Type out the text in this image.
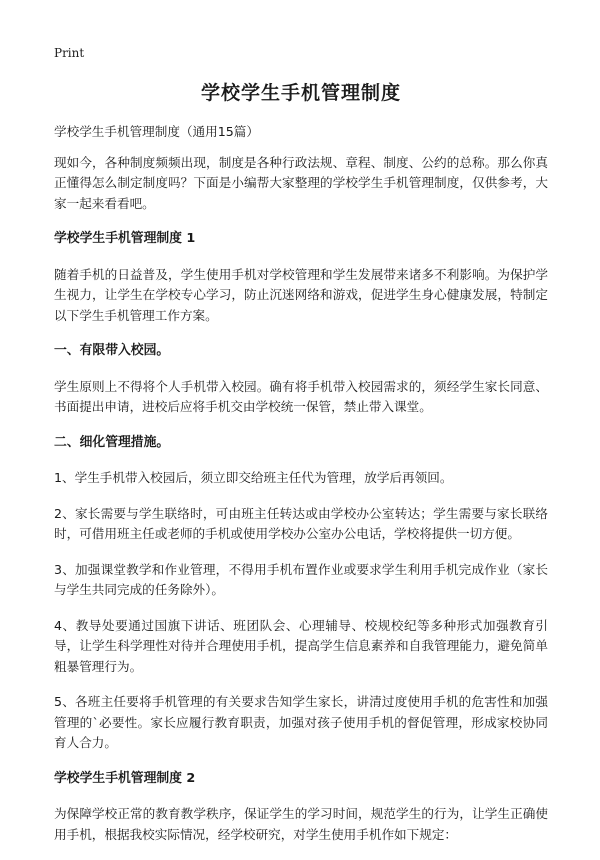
Print
学校学生手机管理制度

学校学生手机管理制度（通用15篇）

现如今，各种制度频频出现，制度是各种行政法规、章程、制度、公约的总称。那么你真正懂得怎么制定制度吗？下面是小编帮大家整理的学校学生手机管理制度，仅供参考，大家一起来看看吧。

学校学生手机管理制度 1

随着手机的日益普及，学生使用手机对学校管理和学生发展带来诸多不利影响。为保护学生视力，让学生在学校专心学习，防止沉迷网络和游戏，促进学生身心健康发展，特制定以下学生手机管理工作方案。

一、有限带入校园。

学生原则上不得将个人手机带入校园。确有将手机带入校园需求的，须经学生家长同意、书面提出申请，进校后应将手机交由学校统一保管，禁止带入课堂。

二、细化管理措施。

1、学生手机带入校园后，须立即交给班主任代为管理，放学后再领回。

2、家长需要与学生联络时，可由班主任转达或由学校办公室转达；学生需要与家长联络时，可借用班主任或老师的手机或使用学校办公室办公电话，学校将提供一切方便。

3、加强课堂教学和作业管理，不得用手机布置作业或要求学生利用手机完成作业（家长与学生共同完成的任务除外）。

4、教导处要通过国旗下讲话、班团队会、心理辅导、校规校纪等多种形式加强教育引导，让学生科学理性对待并合理使用手机，提高学生信息素养和自我管理能力，避免简单粗暴管理行为。

5、各班主任要将手机管理的有关要求告知学生家长，讲清过度使用手机的危害性和加强管理的`必要性。家长应履行教育职责，加强对孩子使用手机的督促管理，形成家校协同育人合力。

学校学生手机管理制度 2

为保障学校正常的教育教学秩序，保证学生的学习时间，规范学生的行为，让学生正确使用手机，根据我校实际情况，经学校研究，对学生使用手机作如下规定：
